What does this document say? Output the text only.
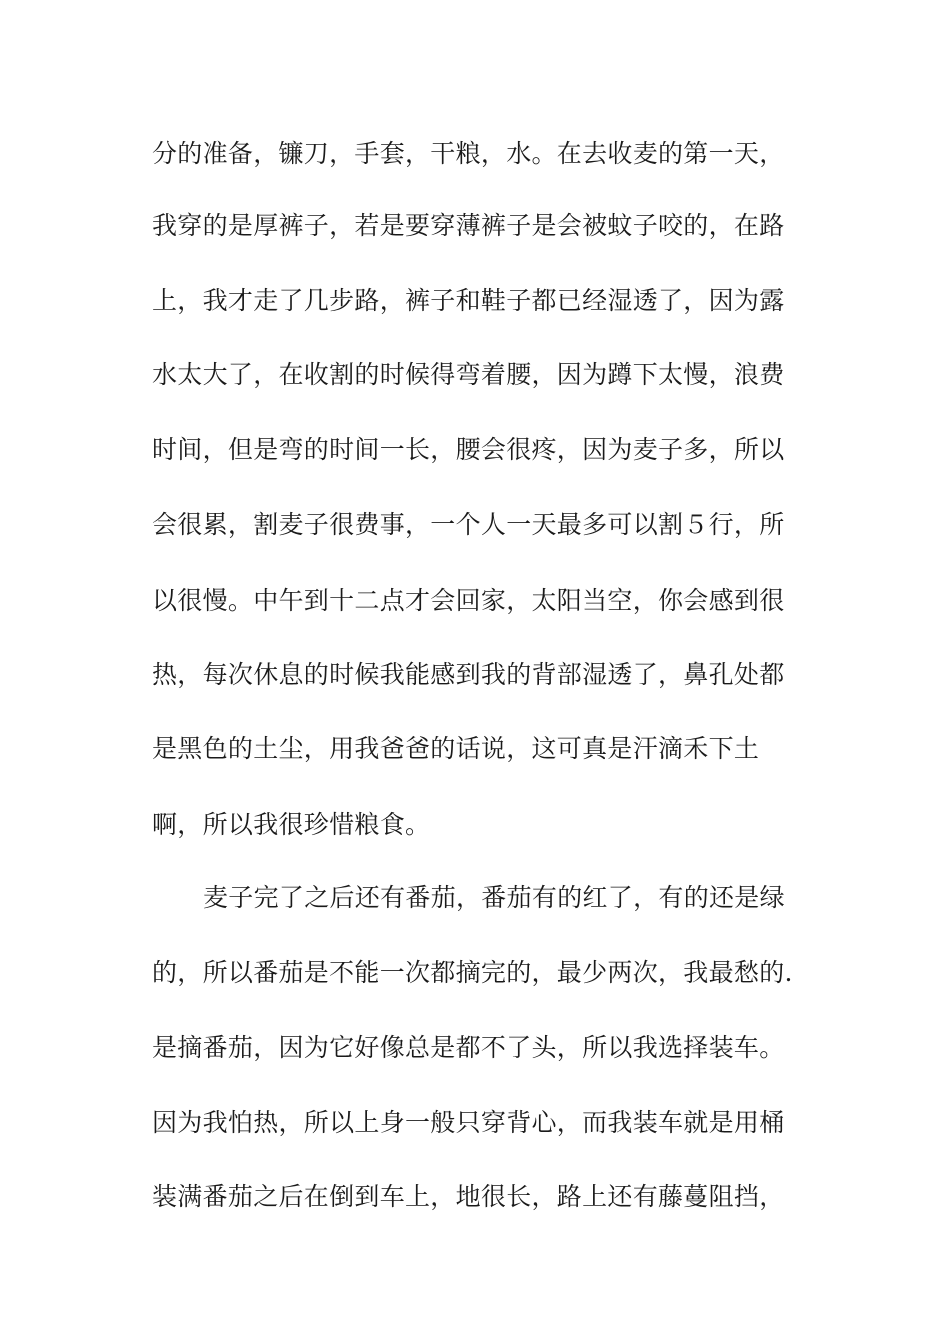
分的准备，镰刀，手套，干粮，水。在去收麦的第一天，

我穿的是厚裤子，若是要穿薄裤子是会被蚊子咬的，在路

上，我才走了几步路，裤子和鞋子都已经湿透了，因为露

水太大了，在收割的时候得弯着腰，因为蹲下太慢，浪费

时间，但是弯的时间一长，腰会很疼，因为麦子多，所以

会很累，割麦子很费事，一个人一天最多可以割５行，所

以很慢。中午到十二点才会回家，太阳当空，你会感到很

热，每次休息的时候我能感到我的背部湿透了，鼻孔处都

是黑色的土尘，用我爸爸的话说，这可真是汗滴禾下土

啊，所以我很珍惜粮食。

麦子完了之后还有番茄，番茄有的红了，有的还是绿

的，所以番茄是不能一次都摘完的，最少两次，我最愁的.

是摘番茄，因为它好像总是都不了头，所以我选择装车。

因为我怕热，所以上身一般只穿背心，而我装车就是用桶

装满番茄之后在倒到车上，地很长，路上还有藤蔓阻挡，
